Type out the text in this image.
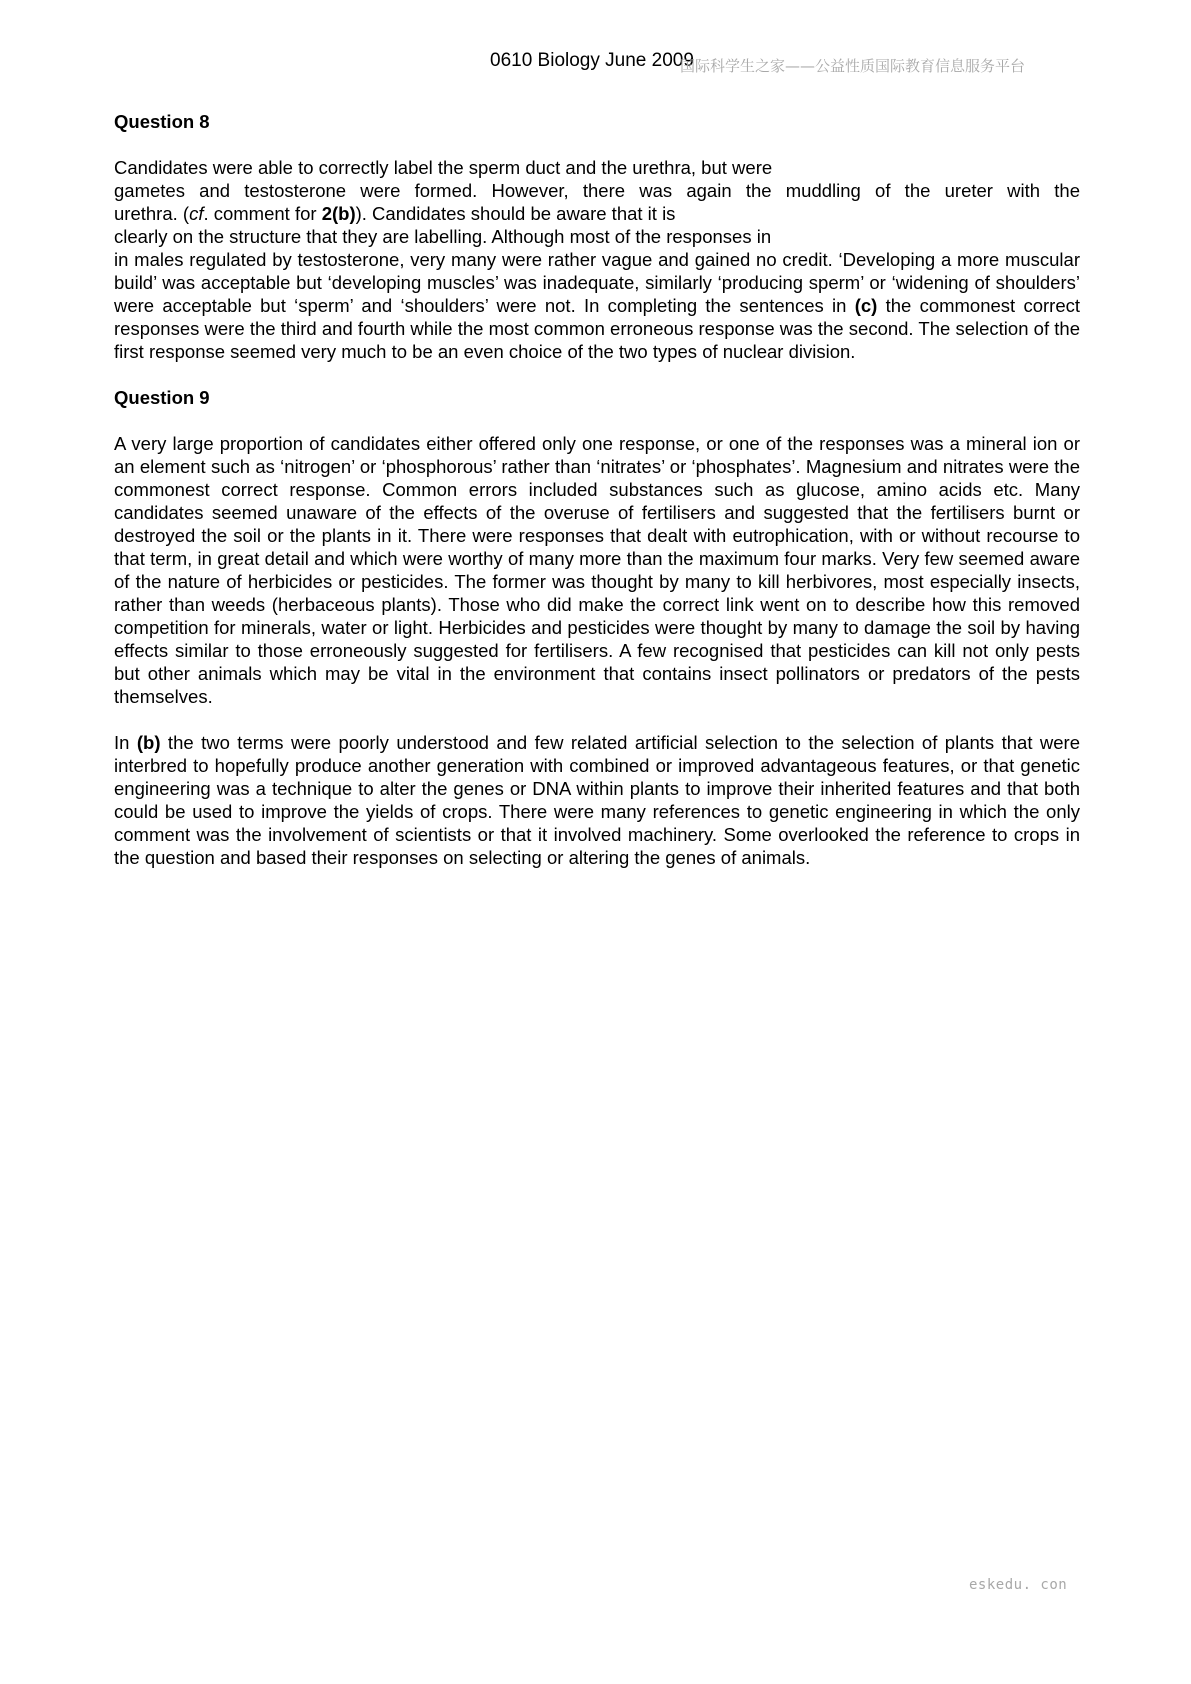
0610 Biology June 2009
国际科学生之家——公益性质国际教育信息服务平台
Question 8
Candidates were able to correctly label the sperm duct and the urethra, but were
gametes and testosterone were formed. However, there was again the muddling of the ureter with the
urethra. (cf. comment for 2(b)). Candidates should be aware that it is
clearly on the structure that they are labelling. Although most of the responses in
in males regulated by testosterone, very many were rather vague and gained no credit. ‘Developing a more muscular build’ was acceptable but ‘developing muscles’ was inadequate, similarly ‘producing sperm’ or ‘widening of shoulders’ were acceptable but ‘sperm’ and ‘shoulders’ were not. In completing the sentences in (c) the commonest correct responses were the third and fourth while the most common erroneous response was the second. The selection of the first response seemed very much to be an even choice of the two types of nuclear division.
Question 9
A very large proportion of candidates either offered only one response, or one of the responses was a mineral ion or an element such as ‘nitrogen’ or ‘phosphorous’ rather than ‘nitrates’ or ‘phosphates’. Magnesium and nitrates were the commonest correct response. Common errors included substances such as glucose, amino acids etc. Many candidates seemed unaware of the effects of the overuse of fertilisers and suggested that the fertilisers burnt or destroyed the soil or the plants in it. There were responses that dealt with eutrophication, with or without recourse to that term, in great detail and which were worthy of many more than the maximum four marks. Very few seemed aware of the nature of herbicides or pesticides. The former was thought by many to kill herbivores, most especially insects, rather than weeds (herbaceous plants). Those who did make the correct link went on to describe how this removed competition for minerals, water or light. Herbicides and pesticides were thought by many to damage the soil by having effects similar to those erroneously suggested for fertilisers. A few recognised that pesticides can kill not only pests but other animals which may be vital in the environment that contains insect pollinators or predators of the pests themselves.
In (b) the two terms were poorly understood and few related artificial selection to the selection of plants that were interbred to hopefully produce another generation with combined or improved advantageous features, or that genetic engineering was a technique to alter the genes or DNA within plants to improve their inherited features and that both could be used to improve the yields of crops. There were many references to genetic engineering in which the only comment was the involvement of scientists or that it involved machinery. Some overlooked the reference to crops in the question and based their responses on selecting or altering the genes of animals.
eskedu. con
